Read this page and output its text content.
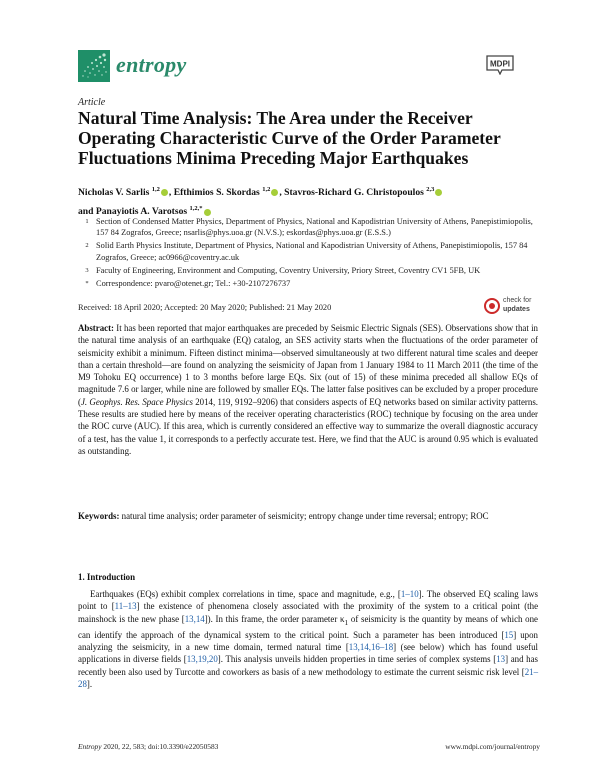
entropy	MDPI
Article
Natural Time Analysis: The Area under the Receiver Operating Characteristic Curve of the Order Parameter Fluctuations Minima Preceding Major Earthquakes
Nicholas V. Sarlis $^{1,2}$ , Efthimios S. Skordas $^{1,2}$ , Stavros-Richard G. Christopoulos $^{2,3}$
and Panayiotis A. Varotsos $^{1,2,*}$
1 Section of Condensed Matter Physics, Department of Physics, National and Kapodistrian University of Athens, Panepistimiopolis, 157 84 Zografos, Greece; nsarlis@phys.uoa.gr (N.V.S.); eskordas@phys.uoa.gr (E.S.S.)
2 Solid Earth Physics Institute, Department of Physics, National and Kapodistrian University of Athens, Panepistimiopolis, 157 84 Zografos, Greece; ac0966@coventry.ac.uk
3 Faculty of Engineering, Environment and Computing, Coventry University, Priory Street, Coventry CV1 5FB, UK
* Correspondence: pvaro@otenet.gr; Tel.: +30-2107276737
Received: 18 April 2020; Accepted: 20 May 2020; Published: 21 May 2020
check for
updates

Abstract: It has been reported that major earthquakes are preceded by Seismic Electric Signals (SES). Observations show that in the natural time analysis of an earthquake (EQ) catalog, an SES activity starts when the fluctuations of the order parameter of seismicity exhibit a minimum. Fifteen distinct minima—observed simultaneously at two different natural time scales and deeper than a certain threshold—are found on analyzing the seismicity of Japan from 1 January 1984 to 11 March 2011 (the time of the M9 Tohoku EQ occurrence) 1 to 3 months before large EQs. Six (out of 15) of these minima preceded all shallow EQs of magnitude 7.6 or larger, while nine are followed by smaller EQs. The latter false positives can be excluded by a proper procedure (J. Geophys. Res. Space Physics 2014, 119, 9192–9206) that considers aspects of EQ networks based on similar activity patterns. These results are studied here by means of the receiver operating characteristics (ROC) technique by focusing on the area under the ROC curve (AUC). If this area, which is currently considered an effective way to summarize the overall diagnostic accuracy of a test, has the value 1, it corresponds to a perfectly accurate test. Here, we find that the AUC is around 0.95 which is evaluated as outstanding.

Keywords: natural time analysis; order parameter of seismicity; entropy change under time reversal; entropy; ROC

1. Introduction

Earthquakes (EQs) exhibit complex correlations in time, space and magnitude, e.g., [1–10]. The observed EQ scaling laws point to [11–13] the existence of phenomena closely associated with the proximity of the system to a critical point (the mainshock is the new phase [13,14]). In this frame, the order parameter $\kappa_1$ of seismicity is the quantity by means of which one can identify the approach of the dynamical system to the critical point. Such a parameter has been introduced [15] upon analyzing the seismicity, in a new time domain, termed natural time [13,14,16–18] (see below) which has found useful applications in diverse fields [13,19,20]. This analysis unveils hidden properties in time series of complex systems [13] and has recently been also used by Turcotte and coworkers as basis of a new methodology to estimate the current seismic risk level [21–28].

Entropy 2020, 22, 583; doi:10.3390/e22050583	www.mdpi.com/journal/entropy
